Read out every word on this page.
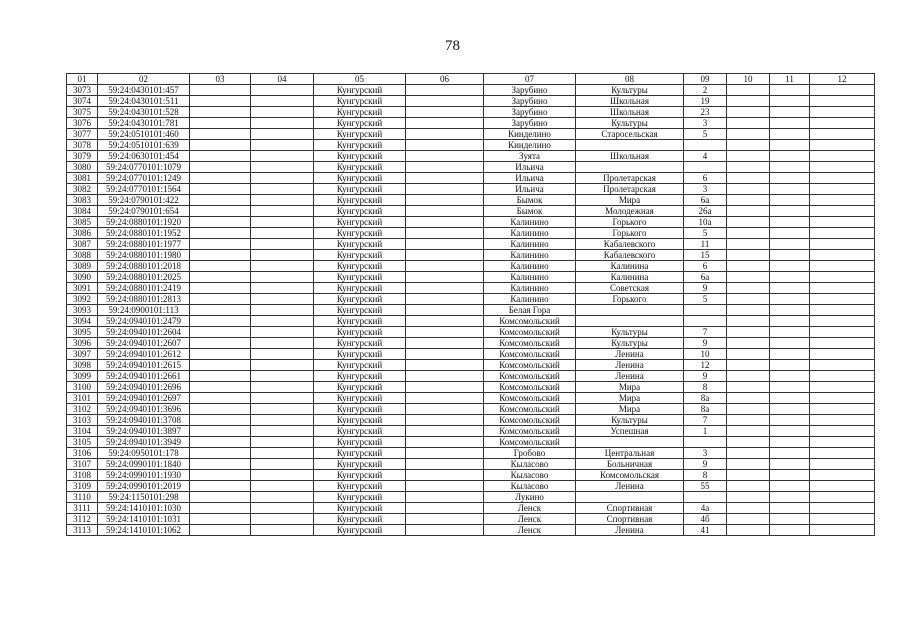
78
01	02	03	04	05	06	07	08	09	10	11	12
3073	59:24:0430101:457			Кунгурский		Зарубино	Культуры	2			
3074	59:24:0430101:511			Кунгурский		Зарубино	Школьная	19			
3075	59:24:0430101:528			Кунгурский		Зарубино	Школьная	23			
3076	59:24:0430101:781			Кунгурский		Зарубино	Культуры	3			
3077	59:24:0510101:460			Кунгурский		Кинделино	Старосельская	5			
3078	59:24:0510101:639			Кунгурский		Кинделино					
3079	59:24:0630101:454			Кунгурский		Зуята	Школьная	4			
3080	59:24:0770101:1079			Кунгурский		Ильича					
3081	59:24:0770101:1249			Кунгурский		Ильича	Пролетарская	6			
3082	59:24:0770101:1564			Кунгурский		Ильича	Пролетарская	3			
3083	59:24:0790101:422			Кунгурский		Бымок	Мира	6а			
3084	59:24:0790101:654			Кунгурский		Бымок	Молодежная	26а			
3085	59:24:0880101:1920			Кунгурский		Калинино	Горького	10а			
3086	59:24:0880101:1952			Кунгурский		Калинино	Горького	5			
3087	59:24:0880101:1977			Кунгурский		Калинино	Кабалевского	11			
3088	59:24:0880101:1980			Кунгурский		Калинино	Кабалевского	15			
3089	59:24:0880101:2018			Кунгурский		Калинино	Калинина	6			
3090	59:24:0880101:2025			Кунгурский		Калинино	Калинина	6а			
3091	59:24:0880101:2419			Кунгурский		Калинино	Советская	9			
3092	59:24:0880101:2813			Кунгурский		Калинино	Горького	5			
3093	59:24:0900101:113			Кунгурский		Белая Гора					
3094	59:24:0940101:2479			Кунгурский		Комсомольский					
3095	59:24:0940101:2604			Кунгурский		Комсомольский	Культуры	7			
3096	59:24:0940101:2607			Кунгурский		Комсомольский	Культуры	9			
3097	59:24:0940101:2612			Кунгурский		Комсомольский	Ленина	10			
3098	59:24:0940101:2615			Кунгурский		Комсомольский	Ленина	12			
3099	59:24:0940101:2661			Кунгурский		Комсомольский	Ленина	9			
3100	59:24:0940101:2696			Кунгурский		Комсомольский	Мира	8			
3101	59:24:0940101:2697			Кунгурский		Комсомольский	Мира	8а			
3102	59:24:0940101:3696			Кунгурский		Комсомольский	Мира	8а			
3103	59:24:0940101:3708			Кунгурский		Комсомольский	Культуры	7			
3104	59:24:0940101:3897			Кунгурский		Комсомольский	Успешная	1			
3105	59:24:0940101:3949			Кунгурский		Комсомольский					
3106	59:24:0950101:178			Кунгурский		Гробово	Центральная	3			
3107	59:24:0990101:1840			Кунгурский		Кыласово	Больничная	9			
3108	59:24:0990101:1930			Кунгурский		Кыласово	Комсомольская	8			
3109	59:24:0990101:2019			Кунгурский		Кыласово	Ленина	55			
3110	59:24:1150101:298			Кунгурский		Лукино					
3111	59:24:1410101:1030			Кунгурский		Ленск	Спортивная	4а			
3112	59:24:1410101:1031			Кунгурский		Ленск	Спортивная	4б			
3113	59:24:1410101:1062			Кунгурский		Ленск	Ленина	41			
